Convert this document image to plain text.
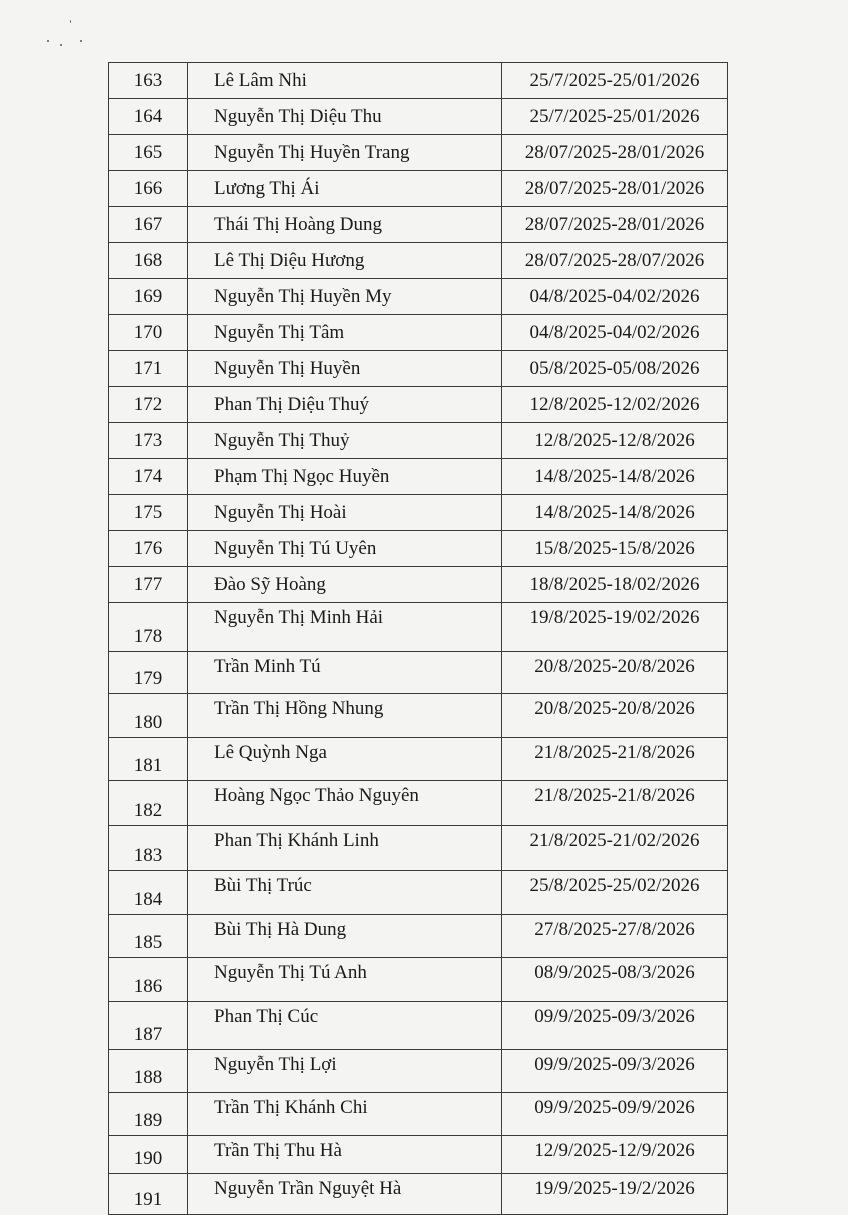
163	Lê Lâm Nhi	25/7/2025-25/01/2026
164	Nguyễn Thị Diệu Thu	25/7/2025-25/01/2026
165	Nguyễn Thị Huyền Trang	28/07/2025-28/01/2026
166	Lương Thị Ái	28/07/2025-28/01/2026
167	Thái Thị Hoàng Dung	28/07/2025-28/01/2026
168	Lê Thị Diệu Hương	28/07/2025-28/07/2026
169	Nguyễn Thị Huyền My	04/8/2025-04/02/2026
170	Nguyễn Thị Tâm	04/8/2025-04/02/2026
171	Nguyễn Thị Huyền	05/8/2025-05/08/2026
172	Phan Thị Diệu Thuý	12/8/2025-12/02/2026
173	Nguyễn Thị Thuỷ	12/8/2025-12/8/2026
174	Phạm Thị Ngọc Huyền	14/8/2025-14/8/2026
175	Nguyễn Thị Hoài	14/8/2025-14/8/2026
176	Nguyễn Thị Tú Uyên	15/8/2025-15/8/2026
177	Đào Sỹ Hoàng	18/8/2025-18/02/2026
178	Nguyễn Thị Minh Hải	19/8/2025-19/02/2026
179	Trần Minh Tú	20/8/2025-20/8/2026
180	Trần Thị Hồng Nhung	20/8/2025-20/8/2026
181	Lê Quỳnh Nga	21/8/2025-21/8/2026
182	Hoàng Ngọc Thảo Nguyên	21/8/2025-21/8/2026
183	Phan Thị Khánh Linh	21/8/2025-21/02/2026
184	Bùi Thị Trúc	25/8/2025-25/02/2026
185	Bùi Thị Hà Dung	27/8/2025-27/8/2026
186	Nguyễn Thị Tú Anh	08/9/2025-08/3/2026
187	Phan Thị Cúc	09/9/2025-09/3/2026
188	Nguyễn Thị Lợi	09/9/2025-09/3/2026
189	Trần Thị Khánh Chi	09/9/2025-09/9/2026
190	Trần Thị Thu Hà	12/9/2025-12/9/2026
191	Nguyễn Trần Nguyệt Hà	19/9/2025-19/2/2026
